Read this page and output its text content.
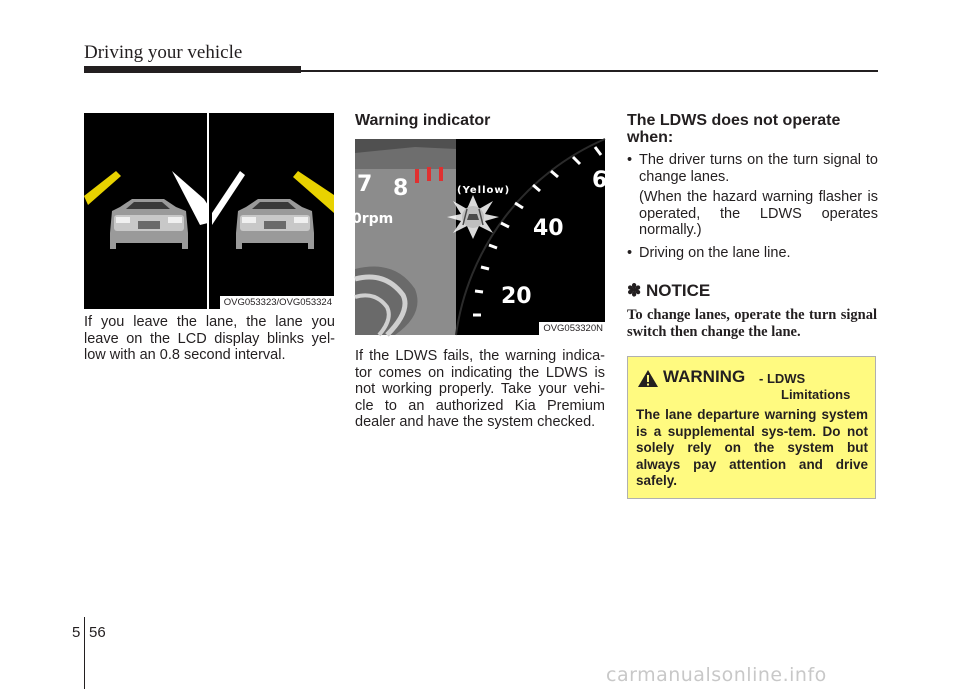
Driving your vehicle
OVG053323/OVG053324

If you leave the lane, the lane you leave on the LCD display blinks yel-low with an 0.8 second interval.

Warning indicator
7 8
0rpm
6
40
20
(Yellow)
OVG053320N

If the LDWS fails, the warning indica-tor comes on indicating the LDWS is not working properly. Take your vehi-cle to an authorized Kia Premium dealer and have the system checked.

The LDWS does not operate when:
• The driver turns on the turn signal to change lanes.
(When the hazard warning flasher is operated, the LDWS operates normally.)
• Driving on the lane line.
✽ NOTICE

To change lanes, operate the turn signal switch then change the lane.

WARNING - LDWS
Limitations

The lane departure warning system is a supplemental sys-tem. Do not solely rely on the system but always pay attention and drive safely.

5 56
carmanualsonline.info
